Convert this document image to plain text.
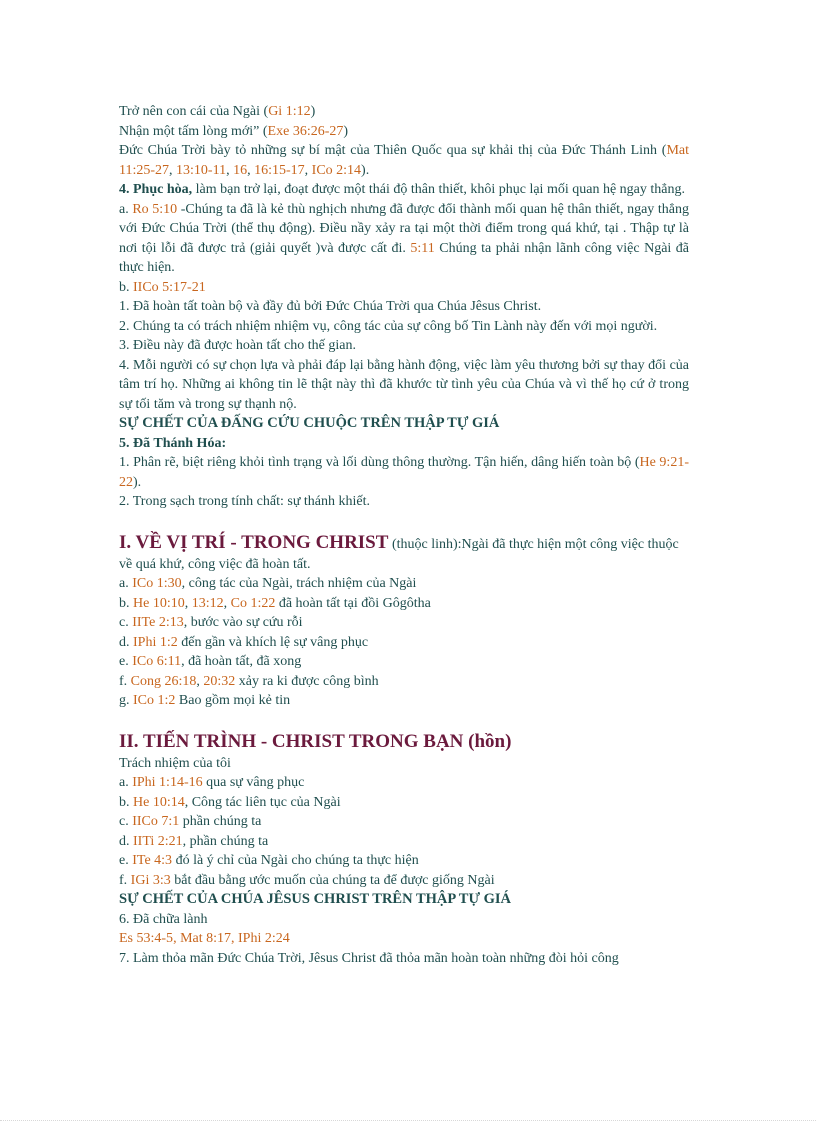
Trở nên con cái của Ngài (Gi 1:12)

Nhận một tấm lòng mới” (Exe 36:26-27)

Đức Chúa Trời bày tỏ những sự bí mật của Thiên Quốc qua sự khải thị của Đức Thánh Linh (Mat 11:25-27, 13:10-11, 16, 16:15-17, ICo 2:14).

4. Phục hòa, làm bạn trở lại, đoạt được một thái độ thân thiết, khôi phục lại mối quan hệ ngay thẳng.

a. Ro 5:10 -Chúng ta đã là kẻ thù nghịch nhưng đã được đổi thành mối quan hệ thân thiết, ngay thẳng với Đức Chúa Trời (thể thụ động). Điều nầy xảy ra tại một thời điểm trong quá khứ, tại . Thập tự là nơi tội lỗi đã được trả (giải quyết )và được cất đi. 5:11 Chúng ta phải nhận lãnh công việc Ngài đã thực hiện.

b. IICo 5:17-21

1. Đã hoàn tất toàn bộ và đầy đủ bởi Đức Chúa Trời qua Chúa Jêsus Christ.

2. Chúng ta có trách nhiệm nhiệm vụ, công tác của sự công bố Tin Lành này đến với mọi người.

3. Điều này đã được hoàn tất cho thế gian.

4. Mỗi người có sự chọn lựa và phải đáp lại bằng hành động, việc làm yêu thương bởi sự thay đổi của tâm trí họ. Những ai không tin lẽ thật này thì đã khước từ tình yêu của Chúa và vì thế họ cứ ở trong sự tối tăm và trong sự thạnh nộ.

SỰ CHẾT CỦA ĐẤNG CỨU CHUỘC TRÊN THẬP TỰ GIÁ

5. Đã Thánh Hóa:

1. Phân rẽ, biệt riêng khỏi tình trạng và lối dùng thông thường. Tận hiến, dâng hiến toàn bộ (He 9:21-22).

2. Trong sạch trong tính chất: sự thánh khiết.

I. VỀ VỊ TRÍ - TRONG CHRIST (thuộc linh):Ngài đã thực hiện một công việc thuộc về quá khứ, công việc đã hoàn tất.

a. ICo 1:30, công tác của Ngài, trách nhiệm của Ngài

b. He 10:10, 13:12, Co 1:22 đã hoàn tất tại đồi Gôgôtha

c. IITe 2:13, bước vào sự cứu rỗi

d. IPhi 1:2 đến gần và khích lệ sự vâng phục

e. ICo 6:11, đã hoàn tất, đã xong

f. Cong 26:18, 20:32 xảy ra ki được công bình

g. ICo 1:2 Bao gồm mọi kẻ tin

II. TIẾN TRÌNH - CHRIST TRONG BẠN (hồn)

Trách nhiệm của tôi

a. IPhi 1:14-16 qua sự vâng phục

b. He 10:14, Công tác liên tục của Ngài

c. IICo 7:1 phần chúng ta

d. IITi 2:21, phần chúng ta

e. ITe 4:3 đó là ý chỉ của Ngài cho chúng ta thực hiện

f. IGi 3:3 bắt đầu bằng ước muốn của chúng ta để được giống Ngài

SỰ CHẾT CỦA CHÚA JÊSUS CHRIST TRÊN THẬP TỰ GIÁ

6. Đã chữa lành

Es 53:4-5, Mat 8:17, IPhi 2:24

7. Làm thỏa mãn Đức Chúa Trời, Jêsus Christ đã thỏa mãn hoàn toàn những đòi hỏi công
